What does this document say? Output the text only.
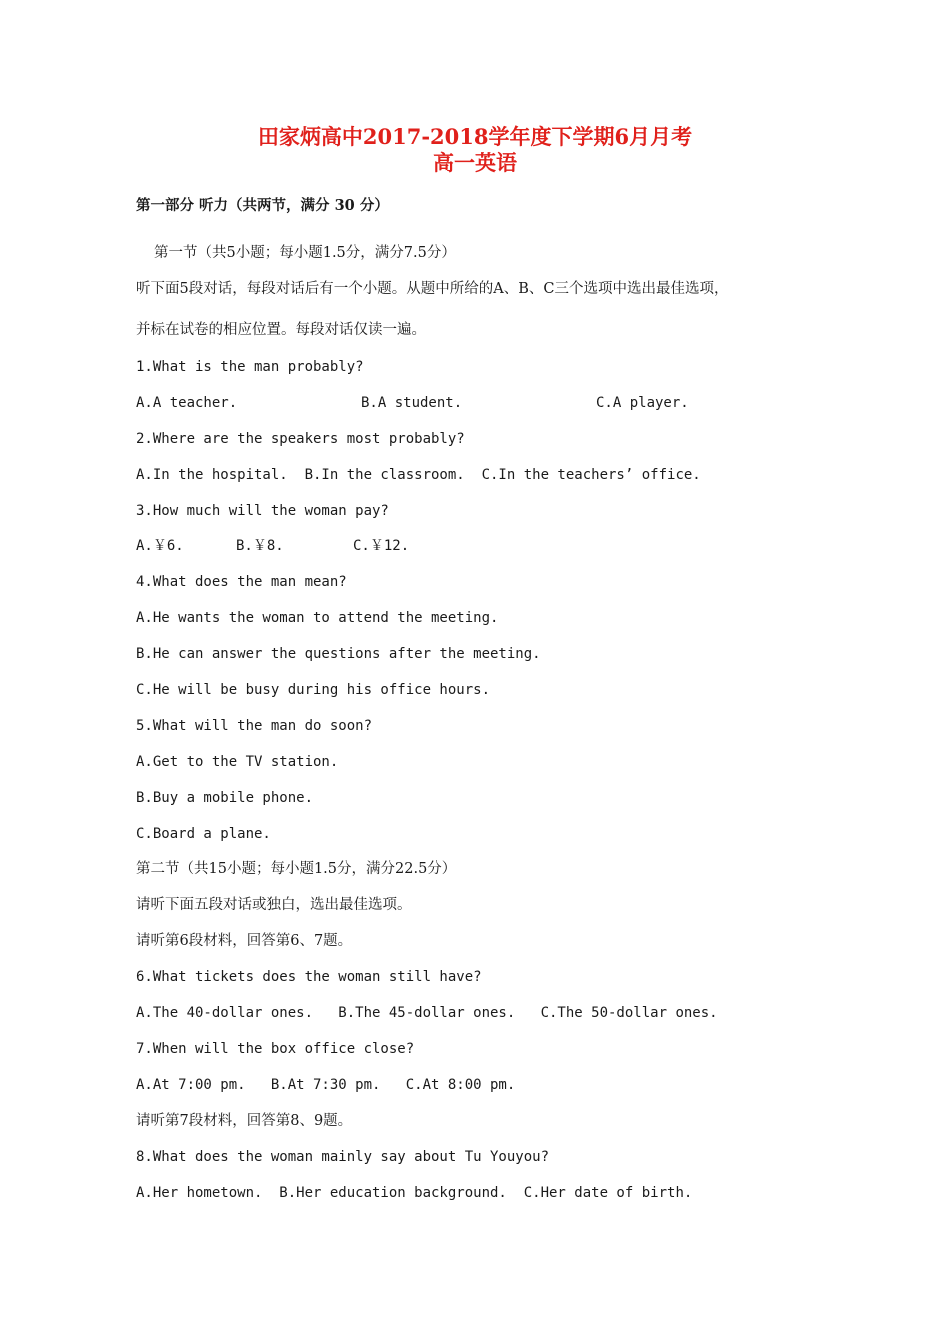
田家炳高中2017-2018学年度下学期6月月考
高一英语
第一部分 听力（共两节，满分 30 分）
第一节（共5小题；每小题1.5分，满分7.5分）
听下面5段对话，每段对话后有一个小题。从题中所给的A、B、C三个选项中选出最佳选项，
并标在试卷的相应位置。每段对话仅读一遍。
1.What is the man probably?
A.A teacher.	B.A student.	C.A player.
2.Where are the speakers most probably?
A.In the hospital.  B.In the classroom.  C.In the teachers’ office.
3.How much will the woman pay?
A.￥6.	B.￥8.	C.￥12.
4.What does the man mean?
A.He wants the woman to attend the meeting.
B.He can answer the questions after the meeting.
C.He will be busy during his office hours.
5.What will the man do soon?
A.Get to the TV station.
B.Buy a mobile phone.
C.Board a plane.
第二节（共15小题；每小题1.5分，满分22.5分）
请听下面五段对话或独白，选出最佳选项。
请听第6段材料，回答第6、7题。
6.What tickets does the woman still have?
A.The 40-dollar ones.   B.The 45-dollar ones.   C.The 50-dollar ones.
7.When will the box office close?
A.At 7:00 pm.   B.At 7:30 pm.   C.At 8:00 pm.
请听第7段材料，回答第8、9题。
8.What does the woman mainly say about Tu Youyou?
A.Her hometown.  B.Her education background.  C.Her date of birth.
